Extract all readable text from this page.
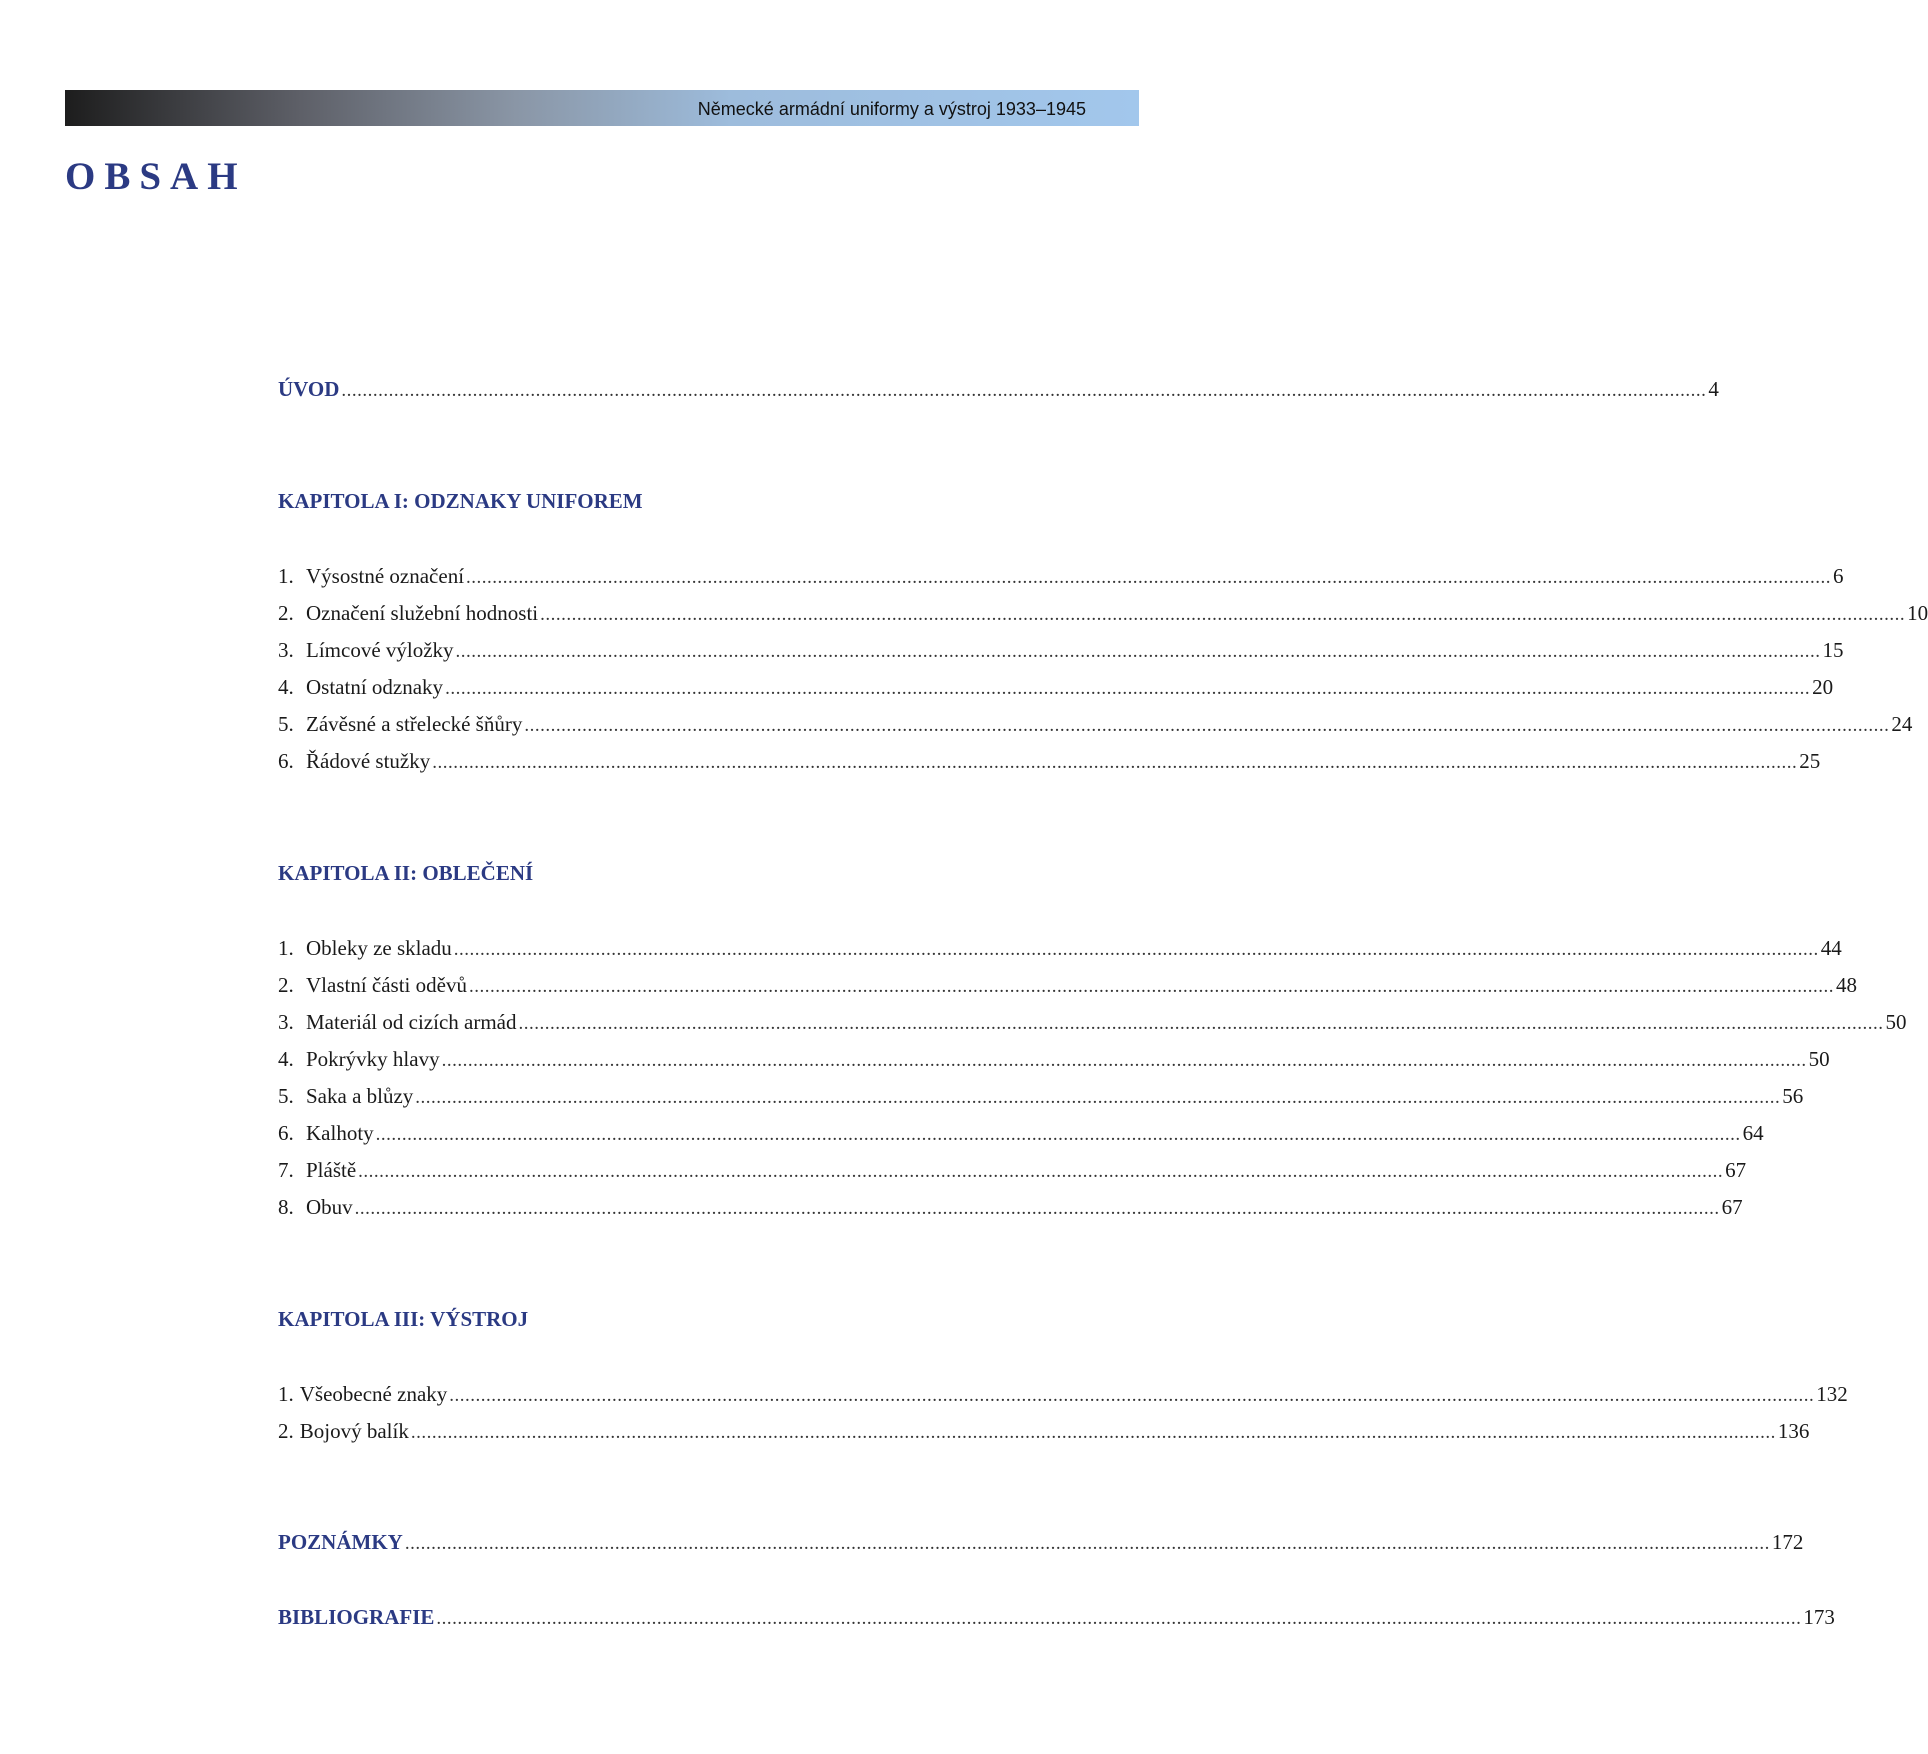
Německé armádní uniformy a výstroj 1933–1945
OBSAH
ÚVOD .................................................................................................................................................................................................................................................................... 4
KAPITOLA I: ODZNAKY UNIFOREM
1. Výsostné označení .................................................................................................................................................................................................................................................................... 6
2. Označení služební hodnosti .................................................................................................................................................................................................................................................................... 10
3. Límcové výložky .................................................................................................................................................................................................................................................................... 15
4. Ostatní odznaky .................................................................................................................................................................................................................................................................... 20
5. Závěsné a střelecké šňůry .................................................................................................................................................................................................................................................................... 24
6. Řádové stužky .................................................................................................................................................................................................................................................................... 25
KAPITOLA II: OBLEČENÍ
1. Obleky ze skladu .................................................................................................................................................................................................................................................................... 44
2. Vlastní části oděvů .................................................................................................................................................................................................................................................................... 48
3. Materiál od cizích armád .................................................................................................................................................................................................................................................................... 50
4. Pokrývky hlavy .................................................................................................................................................................................................................................................................... 50
5. Saka a blůzy .................................................................................................................................................................................................................................................................... 56
6. Kalhoty .................................................................................................................................................................................................................................................................... 64
7. Pláště .................................................................................................................................................................................................................................................................... 67
8. Obuv .................................................................................................................................................................................................................................................................... 67
KAPITOLA III: VÝSTROJ
1. Všeobecné znaky .................................................................................................................................................................................................................................................................... 132
2. Bojový balík .................................................................................................................................................................................................................................................................... 136
POZNÁMKY .................................................................................................................................................................................................................................................................... 172
BIBLIOGRAFIE .................................................................................................................................................................................................................................................................... 173
